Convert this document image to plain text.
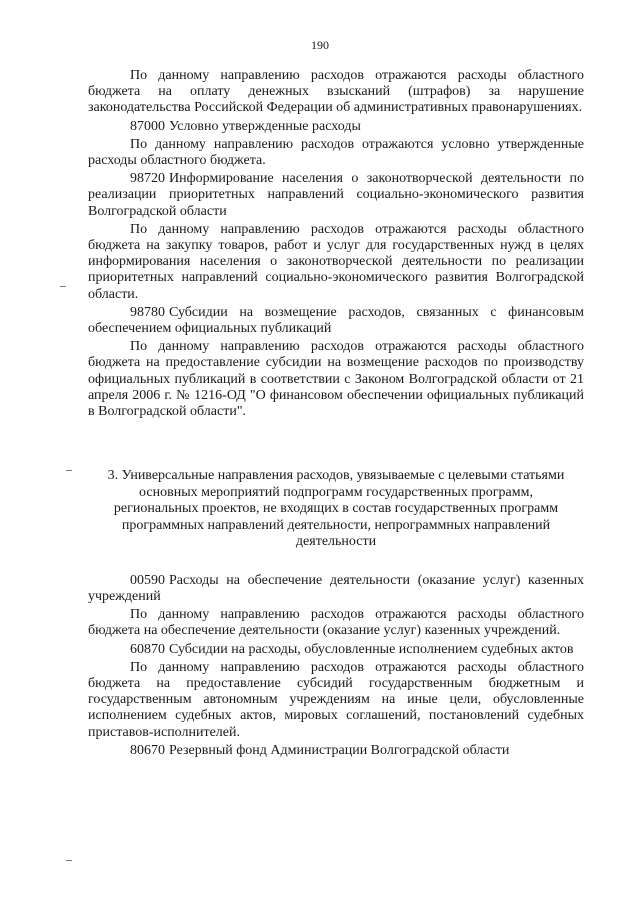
190

По данному направлению расходов отражаются расходы областного бюджета на оплату денежных взысканий (штрафов) за нарушение законодательства Российской Федерации об административных правонарушениях.

87000 Условно утвержденные расходы

По данному направлению расходов отражаются условно утвержденные расходы областного бюджета.

98720 Информирование населения о законотворческой деятельности по реализации приоритетных направлений социально-экономического развития Волгоградской области

По данному направлению расходов отражаются расходы областного бюджета на закупку товаров, работ и услуг для государственных нужд в целях информирования населения о законотворческой деятельности по реализации приоритетных направлений социально-экономического развития Волгоградской области.

98780 Субсидии на возмещение расходов, связанных с финансовым обеспечением официальных публикаций

По данному направлению расходов отражаются расходы областного бюджета на предоставление субсидии на возмещение расходов по производству официальных публикаций в соответствии с Законом Волгоградской области от 21 апреля 2006 г. № 1216-ОД "О финансовом обеспечении официальных публикаций в Волгоградской области".

3. Универсальные направления расходов, увязываемые с целевыми статьями основных мероприятий подпрограмм государственных программ, региональных проектов, не входящих в состав государственных программ программных направлений деятельности, непрограммных направлений деятельности

00590 Расходы на обеспечение деятельности (оказание услуг) казенных учреждений

По данному направлению расходов отражаются расходы областного бюджета на обеспечение деятельности (оказание услуг) казенных учреждений.

60870 Субсидии на расходы, обусловленные исполнением судебных актов

По данному направлению расходов отражаются расходы областного бюджета на предоставление субсидий государственным бюджетным и государственным автономным учреждениям на иные цели, обусловленные исполнением судебных актов, мировых соглашений, постановлений судебных приставов-исполнителей.

80670 Резервный фонд Администрации Волгоградской области
